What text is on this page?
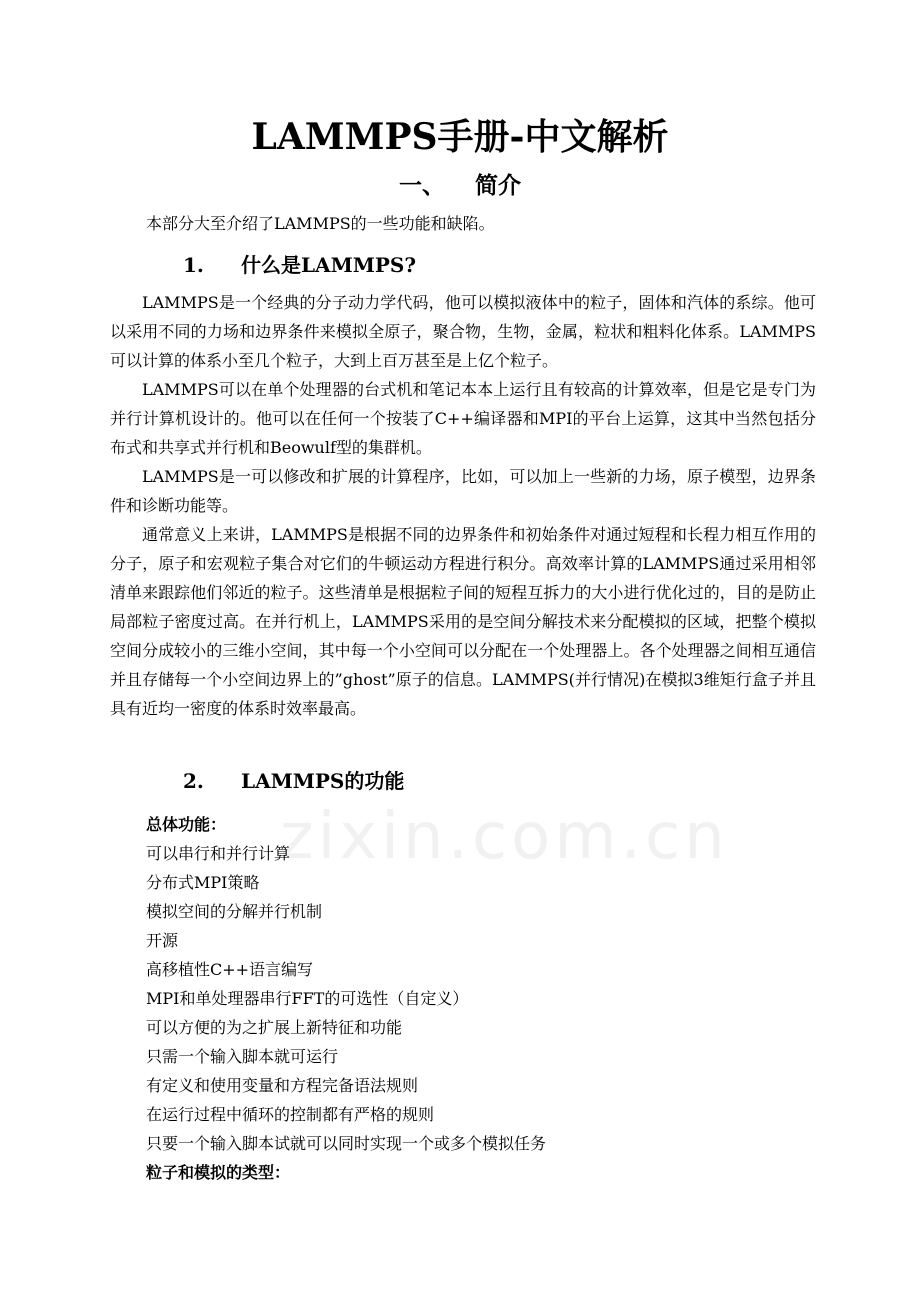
zixin.com.cn
LAMMPS手册-中文解析
一、 简介
本部分大至介绍了LAMMPS的一些功能和缺陷。
1. 什么是LAMMPS?

LAMMPS是一个经典的分子动力学代码，他可以模拟液体中的粒子，固体和汽体的系综。他可以采用不同的力场和边界条件来模拟全原子，聚合物，生物，金属，粒状和粗料化体系。LAMMPS可以计算的体系小至几个粒子，大到上百万甚至是上亿个粒子。

LAMMPS可以在单个处理器的台式机和笔记本本上运行且有较高的计算效率，但是它是专门为并行计算机设计的。他可以在任何一个按装了C++编译器和MPI的平台上运算，这其中当然包括分布式和共享式并行机和Beowulf型的集群机。

LAMMPS是一可以修改和扩展的计算程序，比如，可以加上一些新的力场，原子模型，边界条件和诊断功能等。

通常意义上来讲，LAMMPS是根据不同的边界条件和初始条件对通过短程和长程力相互作用的分子，原子和宏观粒子集合对它们的牛顿运动方程进行积分。高效率计算的LAMMPS通过采用相邻清单来跟踪他们邻近的粒子。这些清单是根据粒子间的短程互拆力的大小进行优化过的，目的是防止局部粒子密度过高。在并行机上，LAMMPS采用的是空间分解技术来分配模拟的区域，把整个模拟空间分成较小的三维小空间，其中每一个小空间可以分配在一个处理器上。各个处理器之间相互通信并且存储每一个小空间边界上的”ghost”原子的信息。LAMMPS(并行情况)在模拟3维矩行盒子并且具有近均一密度的体系时效率最高。

2. LAMMPS的功能
总体功能：
可以串行和并行计算
分布式MPI策略
模拟空间的分解并行机制
开源
高移植性C++语言编写
MPI和单处理器串行FFT的可选性（自定义）
可以方便的为之扩展上新特征和功能
只需一个输入脚本就可运行
有定义和使用变量和方程完备语法规则
在运行过程中循环的控制都有严格的规则
只要一个输入脚本试就可以同时实现一个或多个模拟任务
粒子和模拟的类型：
